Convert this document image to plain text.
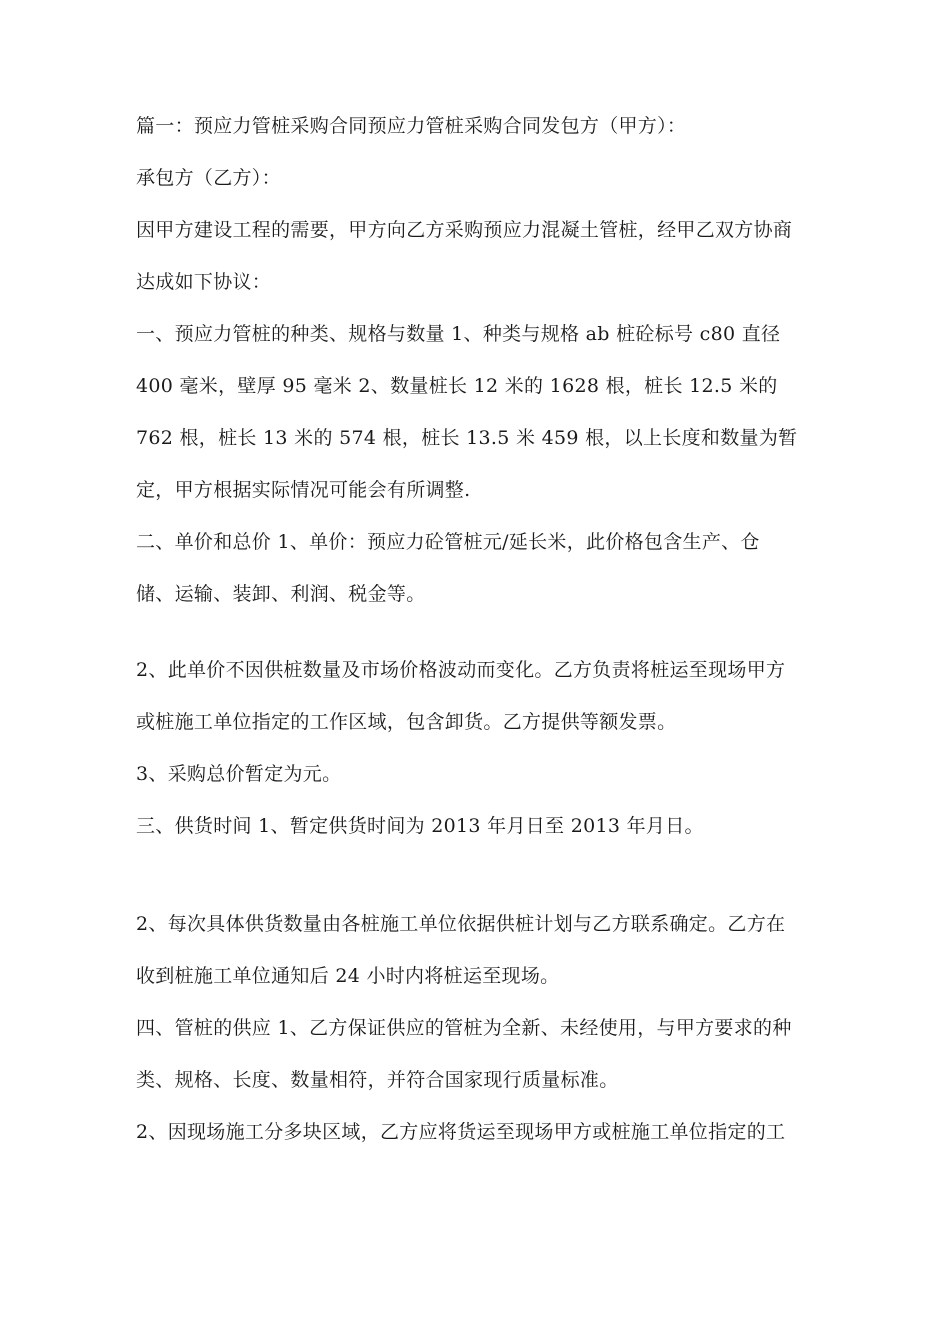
篇一：预应力管桩采购合同预应力管桩采购合同发包方（甲方）：
承包方（乙方）：
因甲方建设工程的需要，甲方向乙方采购预应力混凝土管桩，经甲乙双方协商
达成如下协议：
一、预应力管桩的种类、规格与数量 1、种类与规格 ab 桩砼标号 c80 直径
400 毫米，壁厚 95 毫米 2、数量桩长 12 米的 1628 根，桩长 12.5 米的
762 根，桩长 13 米的 574 根，桩长 13.5 米 459 根，以上长度和数量为暂
定，甲方根据实际情况可能会有所调整.
二、单价和总价 1、单价：预应力砼管桩元/延长米，此价格包含生产、仓
储、运输、装卸、利润、税金等。
2、此单价不因供桩数量及市场价格波动而变化。乙方负责将桩运至现场甲方
或桩施工单位指定的工作区域，包含卸货。乙方提供等额发票。
3、采购总价暂定为元。
三、供货时间 1、暂定供货时间为 2013 年月日至 2013 年月日。
2、每次具体供货数量由各桩施工单位依据供桩计划与乙方联系确定。乙方在
收到桩施工单位通知后 24 小时内将桩运至现场。
四、管桩的供应 1、乙方保证供应的管桩为全新、未经使用，与甲方要求的种
类、规格、长度、数量相符，并符合国家现行质量标准。
2、因现场施工分多块区域，乙方应将货运至现场甲方或桩施工单位指定的工
